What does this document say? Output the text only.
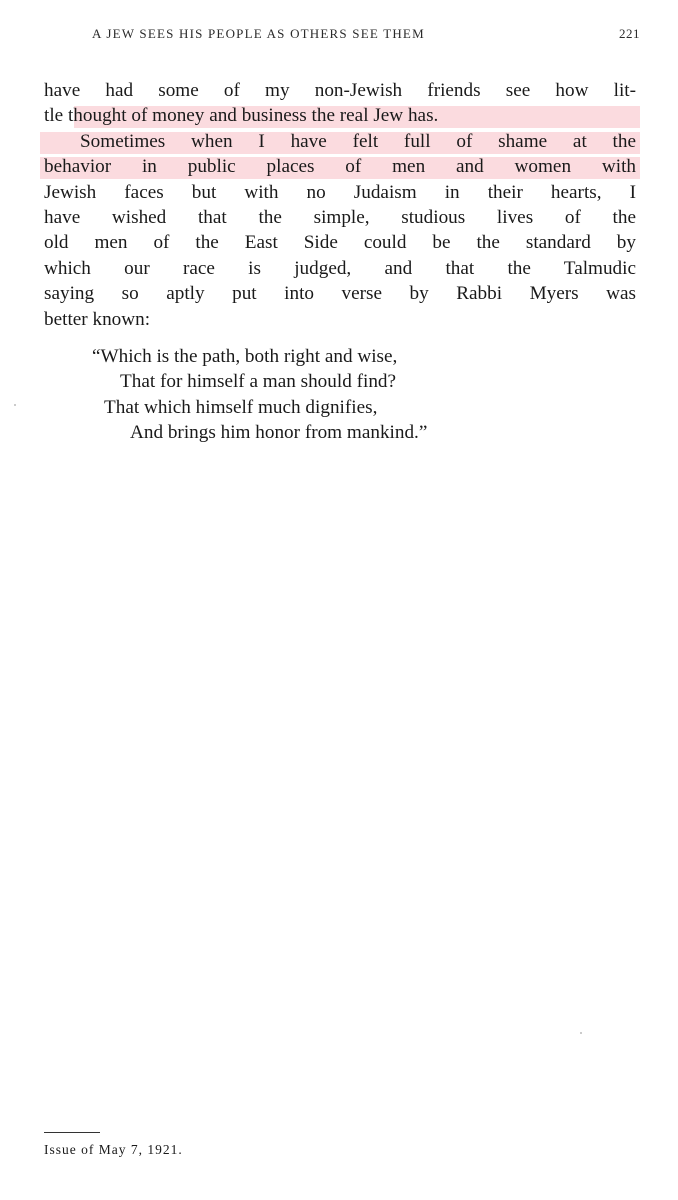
A JEW SEES HIS PEOPLE AS OTHERS SEE THEM	221
have had some of my non-Jewish friends see how lit-
tle thought of money and business the real Jew has.
Sometimes when I have felt full of shame at the
behavior in public places of men and women with
Jewish faces but with no Judaism in their hearts, I
have wished that the simple, studious lives of the
old men of the East Side could be the standard by
which our race is judged, and that the Talmudic
saying so aptly put into verse by Rabbi Myers was
better known:
“Which is the path, both right and wise,
That for himself a man should find?
That which himself much dignifies,
And brings him honor from mankind.”
Issue of May 7, 1921.
